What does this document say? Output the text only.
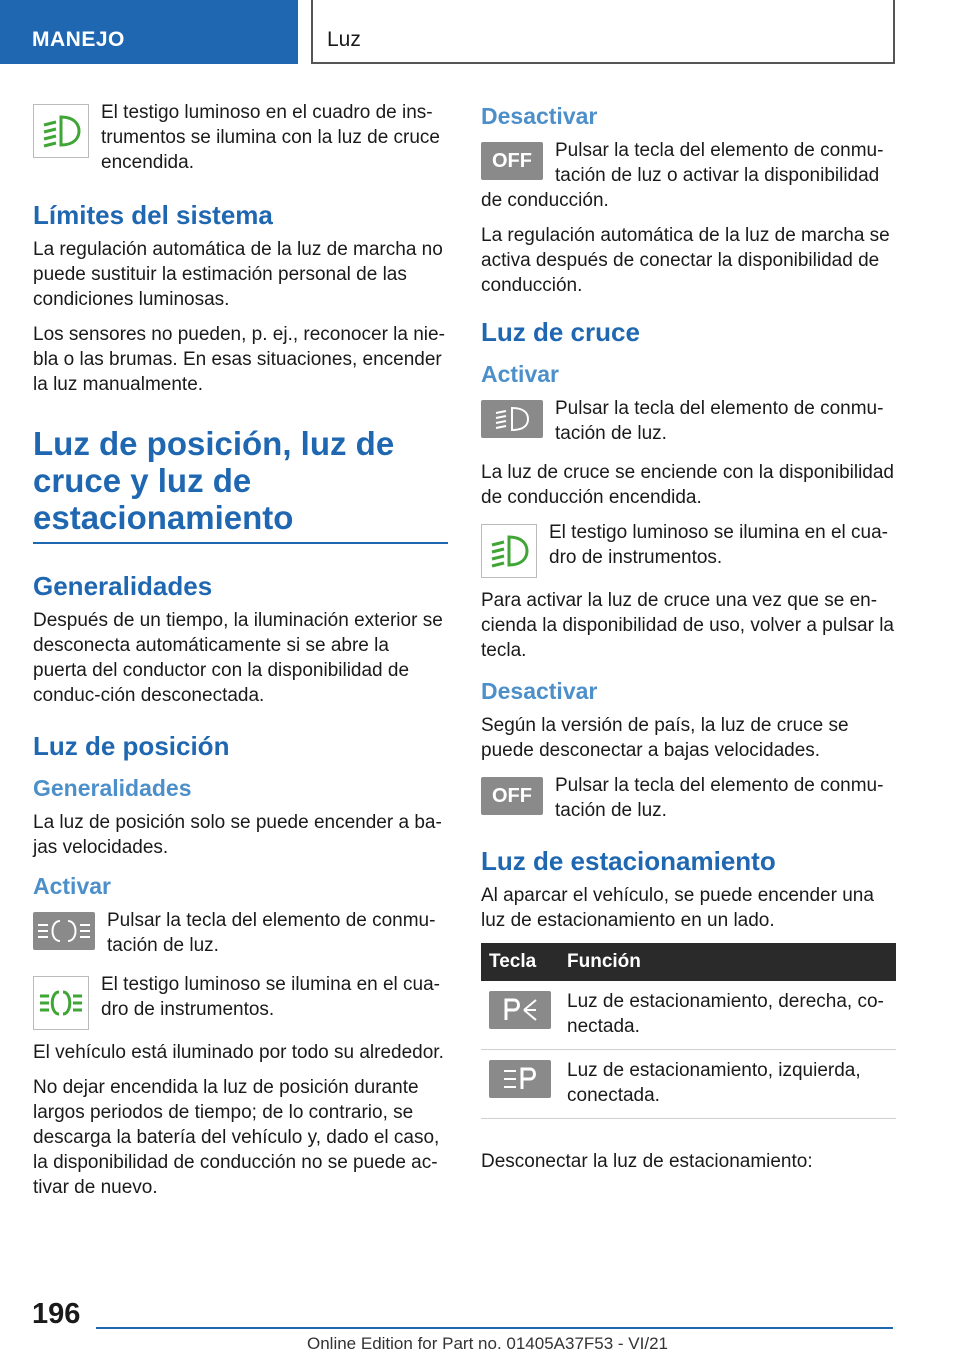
MANEJO	Luz

El testigo luminoso en el cuadro de ins-trumentos se ilumina con la luz de cruce encendida.

Límites del sistema

La regulación automática de la luz de marcha no puede sustituir la estimación personal de las condiciones luminosas.

Los sensores no pueden, p. ej., reconocer la nie-bla o las brumas. En esas situaciones, encender la luz manualmente.

Luz de posición, luz de cruce y luz de estacionamiento
Generalidades

Después de un tiempo, la iluminación exterior se desconecta automáticamente si se abre la puerta del conductor con la disponibilidad de conduc-ción desconectada.

Luz de posición
Generalidades

La luz de posición solo se puede encender a ba-jas velocidades.

Activar

Pulsar la tecla del elemento de conmu-tación de luz.

El testigo luminoso se ilumina en el cua-dro de instrumentos.

El vehículo está iluminado por todo su alrededor.

No dejar encendida la luz de posición durante largos periodos de tiempo; de lo contrario, se descarga la batería del vehículo y, dado el caso, la disponibilidad de conducción no se puede ac-tivar de nuevo.

Desactivar
OFF	Pulsar la tecla del elemento de conmu-tación de luz o activar la disponibilidad de conducción.

La regulación automática de la luz de marcha se activa después de conectar la disponibilidad de conducción.

Luz de cruce
Activar

Pulsar la tecla del elemento de conmu-tación de luz.

La luz de cruce se enciende con la disponibilidad de conducción encendida.

El testigo luminoso se ilumina en el cua-dro de instrumentos.

Para activar la luz de cruce una vez que se en-cienda la disponibilidad de uso, volver a pulsar la tecla.

Desactivar

Según la versión de país, la luz de cruce se puede desconectar a bajas velocidades.

OFF	Pulsar la tecla del elemento de conmu-tación de luz.

Luz de estacionamiento

Al aparcar el vehículo, se puede encender una luz de estacionamiento en un lado.

Tecla	Función

	Luz de estacionamiento, derecha, co-nectada.

	Luz de estacionamiento, izquierda, conectada.

Desconectar la luz de estacionamiento:

196
Online Edition for Part no. 01405A37F53 - VI/21
